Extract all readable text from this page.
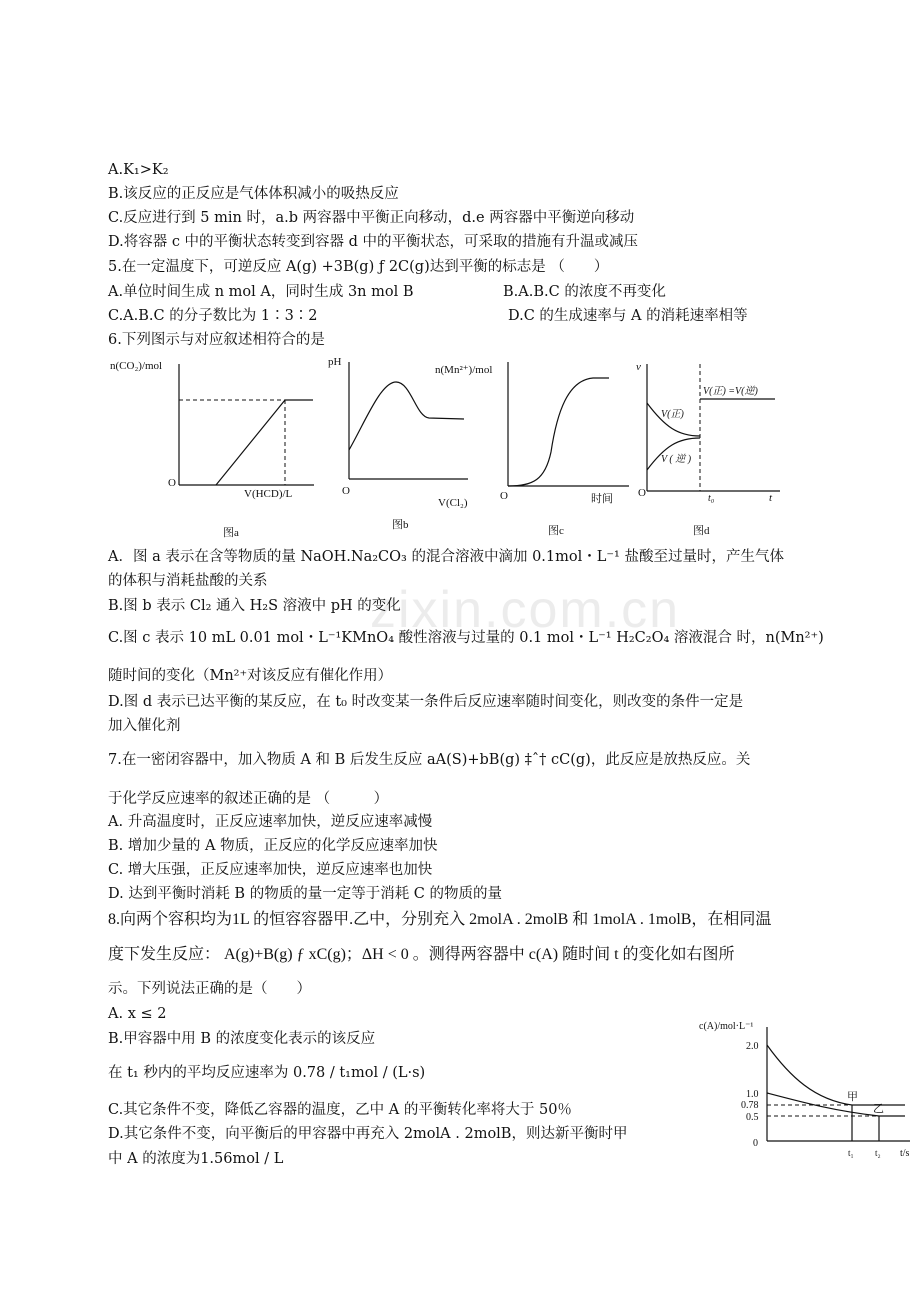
zixin.com.cn
A.K₁>K₂
B.该反应的正反应是气体体积减小的吸热反应
C.反应进行到 5 min 时，a.b 两容器中平衡正向移动，d.e 两容器中平衡逆向移动
D.将容器 c 中的平衡状态转变到容器 d 中的平衡状态，可采取的措施有升温或减压
5.在一定温度下，可逆反应 A(g) +3B(g) ƒ 2C(g)达到平衡的标志是 （　　）
A.单位时间生成 n mol A，同时生成 3n mol B	B.A.B.C 的浓度不再变化
C.A.B.C 的分子数比为 1∶3∶2	D.C 的生成速率与 A 的消耗速率相等
6.下列图示与对应叙述相符合的是
n(CO₂)/mol
O
V(HCD)/L
图a
pH
O
V(Cl₂)
图b
n(Mn²⁺)/mol
O	时间
图c
v
O
V(正) =V(逆)
V(正)
V ( 逆 )
t₀	t
图d
A．图 a 表示在含等物质的量 NaOH.Na₂CO₃ 的混合溶液中滴加 0.1mol・L⁻¹ 盐酸至过量时，产生气体
的体积与消耗盐酸的关系
B.图 b 表示 Cl₂ 通入 H₂S 溶液中 pH 的变化
C.图 c 表示 10 mL 0.01 mol・L⁻¹KMnO₄ 酸性溶液与过量的 0.1 mol・L⁻¹ H₂C₂O₄ 溶液混合 时，n(Mn²⁺)
随时间的变化（Mn²⁺对该反应有催化作用）
D.图 d 表示已达平衡的某反应，在 t₀ 时改变某一条件后反应速率随时间变化，则改变的条件一定是
加入催化剂
7.在一密闭容器中，加入物质 A 和 B 后发生反应 aA(S)+bB(g) ‡ˆ† cC(g)，此反应是放热反应。关
于化学反应速率的叙述正确的是 （　　　）
A. 升高温度时，正反应速率加快，逆反应速率减慢
B. 增加少量的 A 物质，正反应的化学反应速率加快
C. 增大压强，正反应速率加快，逆反应速率也加快
D. 达到平衡时消耗 B 的物质的量一定等于消耗 C 的物质的量
8.向两个容积均为1L 的恒容容器甲.乙中，分别充入 2molA . 2molB 和 1molA . 1molB，在相同温
度下发生反应： A(g)+B(g) ƒ xC(g)；ΔH < 0 。测得两容器中 c(A) 随时间 t 的变化如右图所
示。下列说法正确的是（　　）
A. x ≤ 2
B.甲容器中用 B 的浓度变化表示的该反应
在 t₁ 秒内的平均反应速率为 0.78 / t₁mol / (L·s)
C.其它条件不变，降低乙容器的温度，乙中 A 的平衡转化率将大于 50％
D.其它条件不变，向平衡后的甲容器中再充入 2molA . 2molB，则达新平衡时甲
中 A 的浓度为1.56mol / L
c(A)/mol·L⁻¹
0
2.0
1.0
0.78
0.5
甲
乙
t₁ t₂ t/s
